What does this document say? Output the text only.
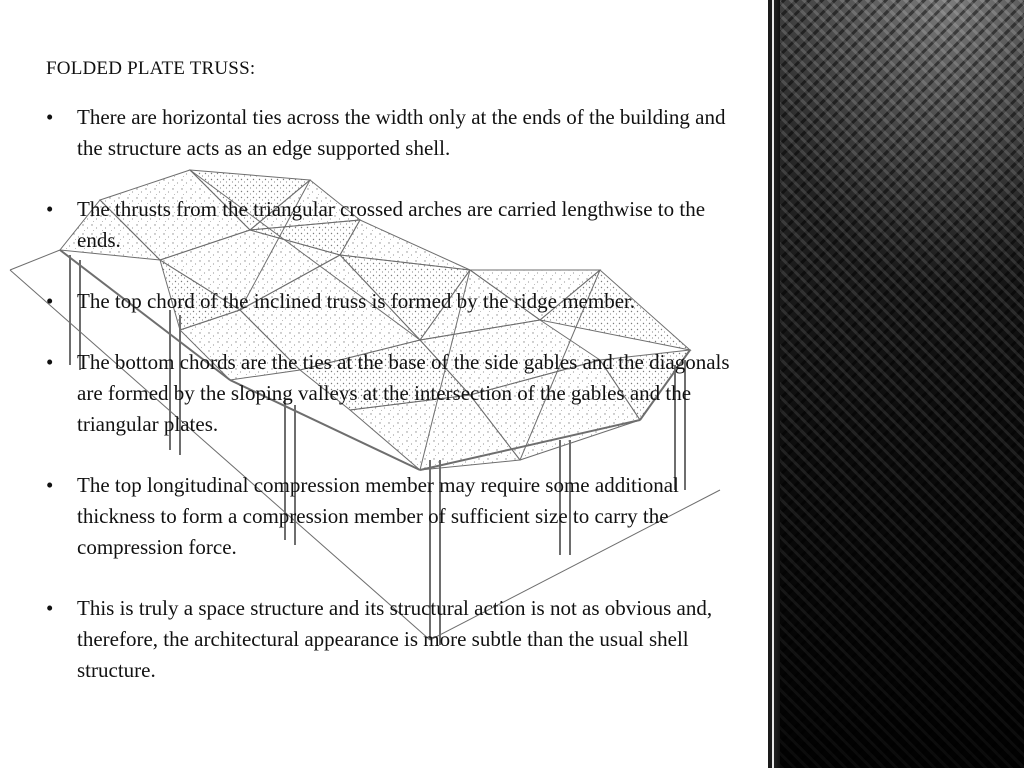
FOLDED PLATE TRUSS:
• There are horizontal ties across the width only at the ends of the building and the structure acts as an edge supported shell.
• The thrusts from the triangular crossed arches are carried lengthwise to the ends.
• The top chord of the inclined truss is formed by the ridge member.
• The bottom chords are the ties at the base of the side gables and the diagonals are formed by the sloping valleys at the intersection of the gables and the triangular plates.
• The top longitudinal compression member may require some additional thickness to form a compression member of sufficient size to carry the compression force.
• This is truly a space structure and its structural action is not as obvious and, therefore, the architectural appearance is more subtle than the usual shell structure.
